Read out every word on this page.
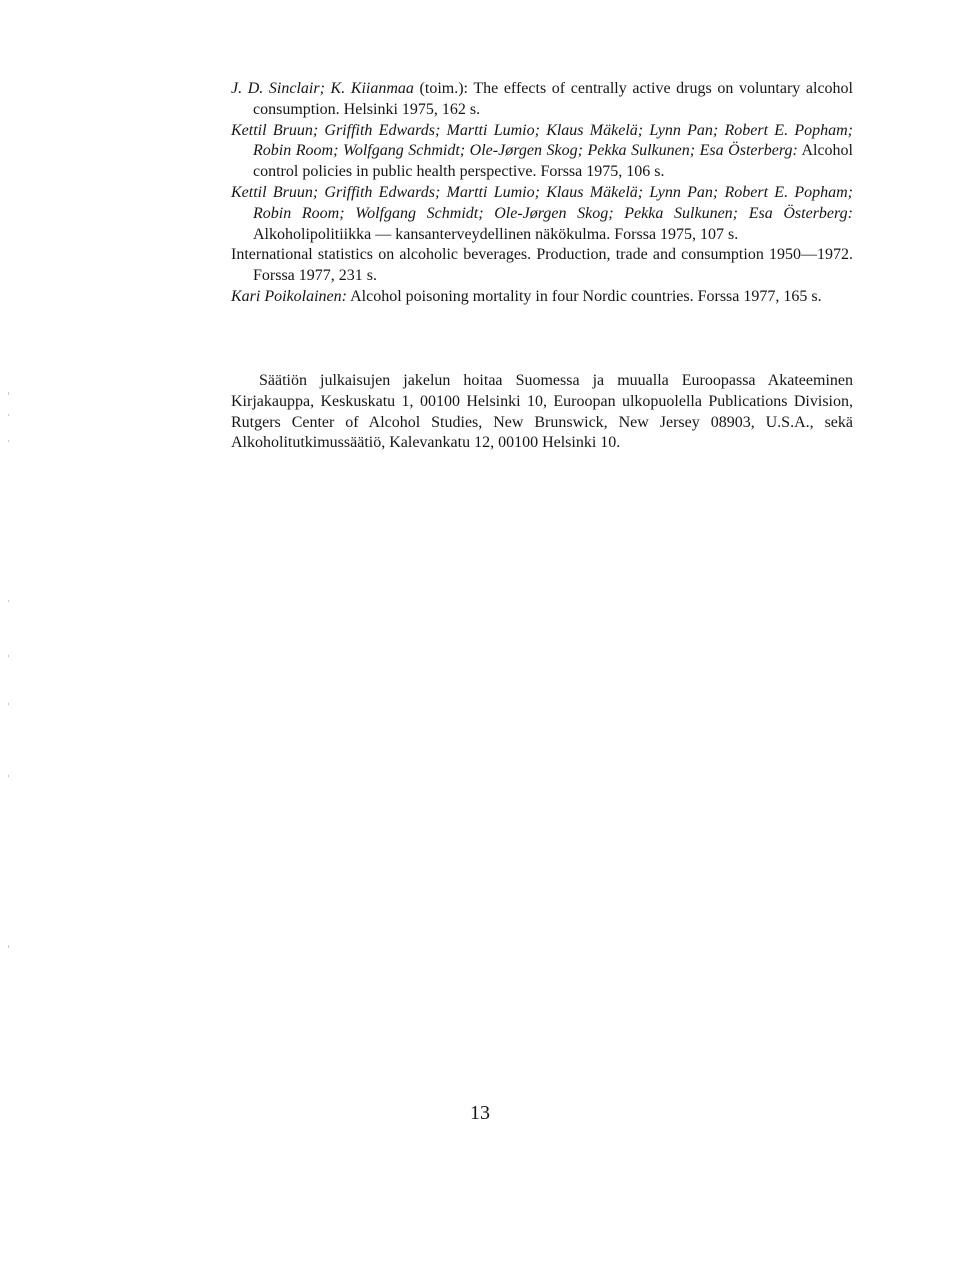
J. D. Sinclair; K. Kiianmaa (toim.): The effects of centrally active drugs on voluntary alcohol consumption. Helsinki 1975, 162 s.
Kettil Bruun; Griffith Edwards; Martti Lumio; Klaus Mäkelä; Lynn Pan; Robert E. Popham; Robin Room; Wolfgang Schmidt; Ole-Jørgen Skog; Pekka Sulkunen; Esa Österberg: Alcohol control policies in public health perspective. Forssa 1975, 106 s.
Kettil Bruun; Griffith Edwards; Martti Lumio; Klaus Mäkelä; Lynn Pan; Robert E. Popham; Robin Room; Wolfgang Schmidt; Ole-Jørgen Skog; Pekka Sulkunen; Esa Österberg: Alkoholipolitiikka — kansanterveydellinen näkökulma. Forssa 1975, 107 s.
International statistics on alcoholic beverages. Production, trade and consumption 1950—1972. Forssa 1977, 231 s.
Kari Poikolainen: Alcohol poisoning mortality in four Nordic countries. Forssa 1977, 165 s.

Säätiön julkaisujen jakelun hoitaa Suomessa ja muualla Euroopassa Akateeminen Kirjakauppa, Keskuskatu 1, 00100 Helsinki 10, Euroopan ulkopuolella Publications Division, Rutgers Center of Alcohol Studies, New Brunswick, New Jersey 08903, U.S.A., sekä Alkoholitutkimussäätiö, Kalevankatu 12, 00100 Helsinki 10.

13
